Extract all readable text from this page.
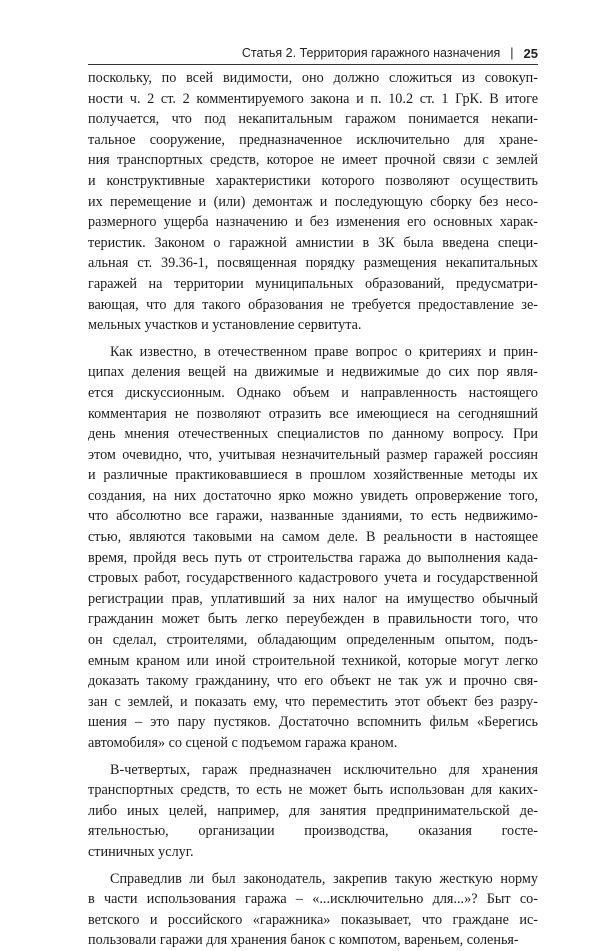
Статья 2. Территория гаражного назначения | 25
поскольку, по всей видимости, оно должно сложиться из совокуп-
ности ч. 2 ст. 2 комментируемого закона и п. 10.2 ст. 1 ГрК. В итоге
получается, что под некапитальным гаражом понимается некапи-
тальное сооружение, предназначенное исключительно для хране-
ния транспортных средств, которое не имеет прочной связи с землей
и конструктивные характеристики которого позволяют осуществить
их перемещение и (или) демонтаж и последующую сборку без несо-
размерного ущерба назначению и без изменения его основных харак-
теристик. Законом о гаражной амнистии в ЗК была введена специ-
альная ст. 39.36-1, посвященная порядку размещения некапитальных
гаражей на территории муниципальных образований, предусматри-
вающая, что для такого образования не требуется предоставление зе-
мельных участков и установление сервитута.
Как известно, в отечественном праве вопрос о критериях и прин-
ципах деления вещей на движимые и недвижимые до сих пор явля-
ется дискуссионным. Однако объем и направленность настоящего
комментария не позволяют отразить все имеющиеся на сегодняшний
день мнения отечественных специалистов по данному вопросу. При
этом очевидно, что, учитывая незначительный размер гаражей россиян
и различные практиковавшиеся в прошлом хозяйственные методы их
создания, на них достаточно ярко можно увидеть опровержение того,
что абсолютно все гаражи, названные зданиями, то есть недвижимо-
стью, являются таковыми на самом деле. В реальности в настоящее
время, пройдя весь путь от строительства гаража до выполнения када-
стровых работ, государственного кадастрового учета и государственной
регистрации прав, уплативший за них налог на имущество обычный
гражданин может быть легко переубежден в правильности того, что
он сделал, строителями, обладающим определенным опытом, подъ-
емным краном или иной строительной техникой, которые могут легко
доказать такому гражданину, что его объект не так уж и прочно свя-
зан с землей, и показать ему, что переместить этот объект без разру-
шения – это пару пустяков. Достаточно вспомнить фильм «Берегись
автомобиля» со сценой с подъемом гаража краном.
В-четвертых, гараж предназначен исключительно для хранения
транспортных средств, то есть не может быть использован для каких-
либо иных целей, например, для занятия предпринимательской де-
ятельностью, организации производства, оказания госте-
стиничных услуг.
Справедлив ли был законодатель, закрепив такую жесткую норму
в части использования гаража – «...исключительно для...»? Быт со-
ветского и российского «гаражника» показывает, что граждане ис-
пользовали гаражи для хранения банок с компотом, вареньем, соленья-
